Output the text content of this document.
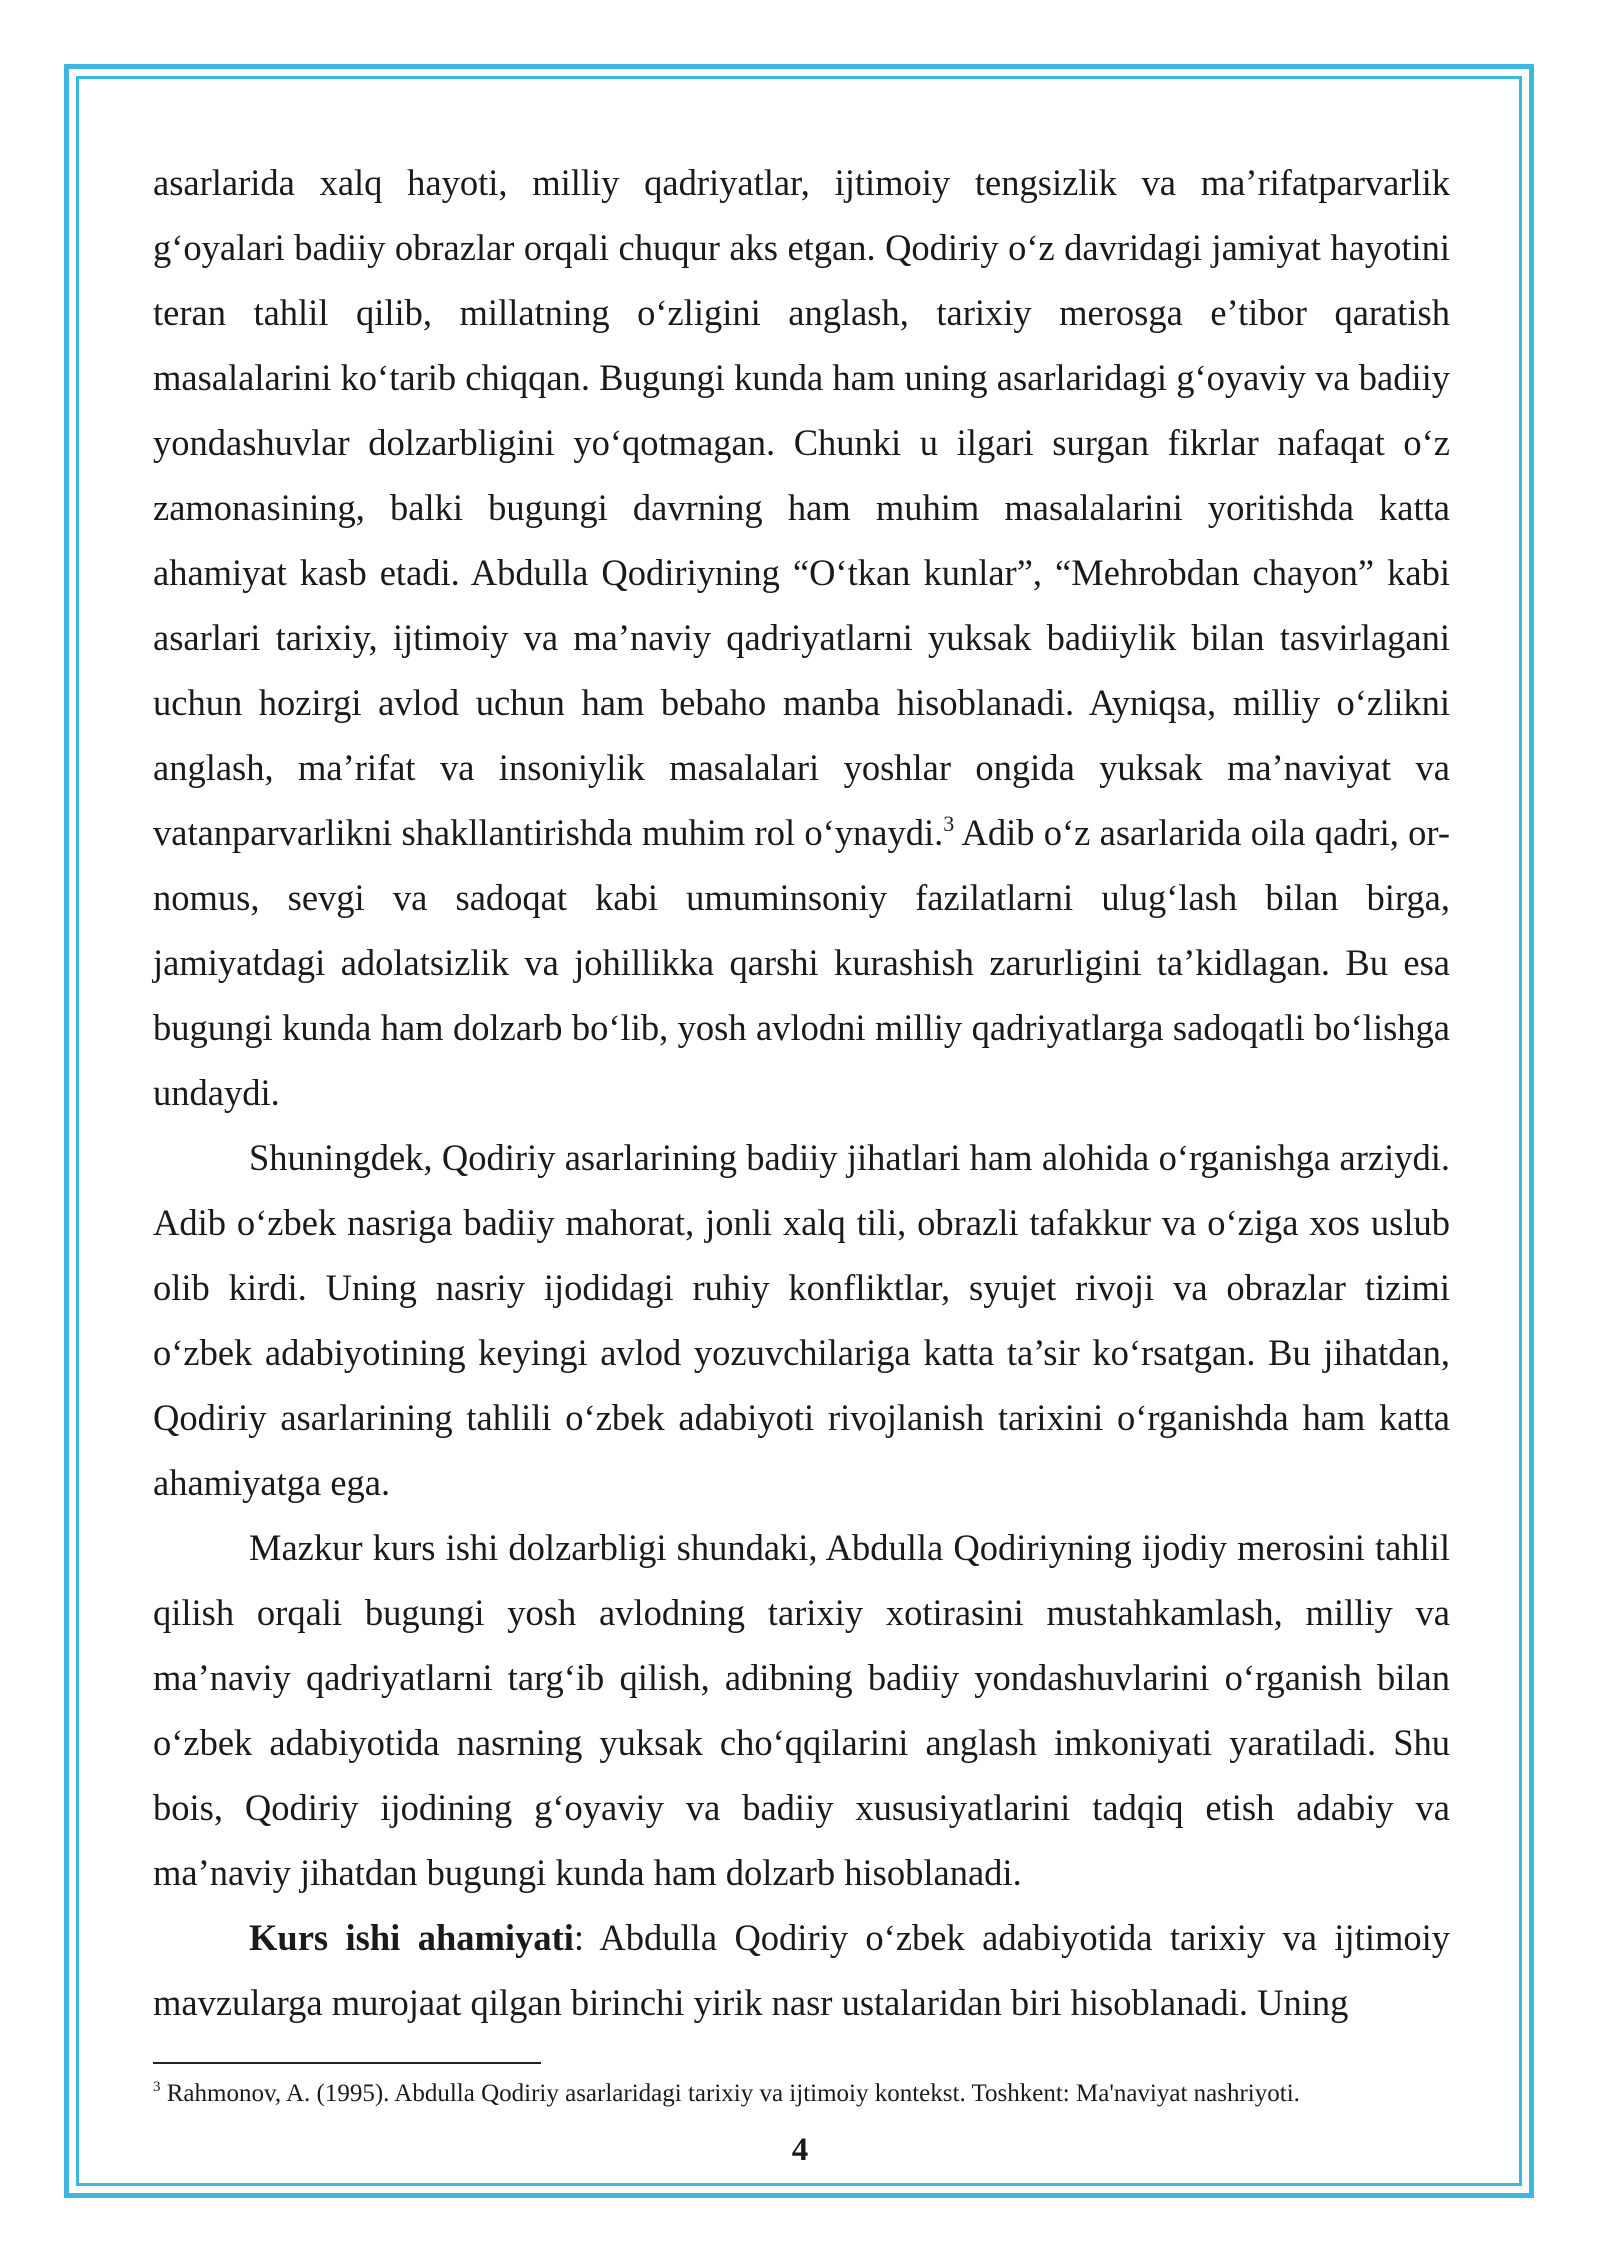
asarlarida xalq hayoti, milliy qadriyatlar, ijtimoiy tengsizlik va ma’rifatparvarlik g‘oyalari badiiy obrazlar orqali chuqur aks etgan. Qodiriy o‘z davridagi jamiyat hayotini teran tahlil qilib, millatning o‘zligini anglash, tarixiy merosga e’tibor qaratish masalalarini ko‘tarib chiqqan. Bugungi kunda ham uning asarlaridagi g‘oyaviy va badiiy yondashuvlar dolzarbligini yo‘qotmagan. Chunki u ilgari surgan fikrlar nafaqat o‘z zamonasining, balki bugungi davrning ham muhim masalalarini yoritishda katta ahamiyat kasb etadi. Abdulla Qodiriyning “O‘tkan kunlar”, “Mehrobdan chayon” kabi asarlari tarixiy, ijtimoiy va ma’naviy qadriyatlarni yuksak badiiylik bilan tasvirlagani uchun hozirgi avlod uchun ham bebaho manba hisoblanadi. Ayniqsa, milliy o‘zlikni anglash, ma’rifat va insoniylik masalalari yoshlar ongida yuksak ma’naviyat va vatanparvarlikni shakllantirishda muhim rol o‘ynaydi.$^3$ Adib o‘z asarlarida oila qadri, or-nomus, sevgi va sadoqat kabi umuminsoniy fazilatlarni ulug‘lash bilan birga, jamiyatdagi adolatsizlik va johillikka qarshi kurashish zarurligini ta’kidlagan. Bu esa bugungi kunda ham dolzarb bo‘lib, yosh avlodni milliy qadriyatlarga sadoqatli bo‘lishga undaydi.

Shuningdek, Qodiriy asarlarining badiiy jihatlari ham alohida o‘rganishga arziydi. Adib o‘zbek nasriga badiiy mahorat, jonli xalq tili, obrazli tafakkur va o‘ziga xos uslub olib kirdi. Uning nasriy ijodidagi ruhiy konfliktlar, syujet rivoji va obrazlar tizimi o‘zbek adabiyotining keyingi avlod yozuvchilariga katta ta’sir ko‘rsatgan. Bu jihatdan, Qodiriy asarlarining tahlili o‘zbek adabiyoti rivojlanish tarixini o‘rganishda ham katta ahamiyatga ega.

Mazkur kurs ishi dolzarbligi shundaki, Abdulla Qodiriyning ijodiy merosini tahlil qilish orqali bugungi yosh avlodning tarixiy xotirasini mustahkamlash, milliy va ma’naviy qadriyatlarni targ‘ib qilish, adibning badiiy yondashuvlarini o‘rganish bilan o‘zbek adabiyotida nasrning yuksak cho‘qqilarini anglash imkoniyati yaratiladi. Shu bois, Qodiriy ijodining g‘oyaviy va badiiy xususiyatlarini tadqiq etish adabiy va ma’naviy jihatdan bugungi kunda ham dolzarb hisoblanadi.

Kurs ishi ahamiyati: Abdulla Qodiriy o‘zbek adabiyotida tarixiy va ijtimoiy mavzularga murojaat qilgan birinchi yirik nasr ustalaridan biri hisoblanadi. Uning

$^3$ Rahmonov, A. (1995). Abdulla Qodiriy asarlaridagi tarixiy va ijtimoiy kontekst. Toshkent: Ma'naviyat nashriyoti.
4
